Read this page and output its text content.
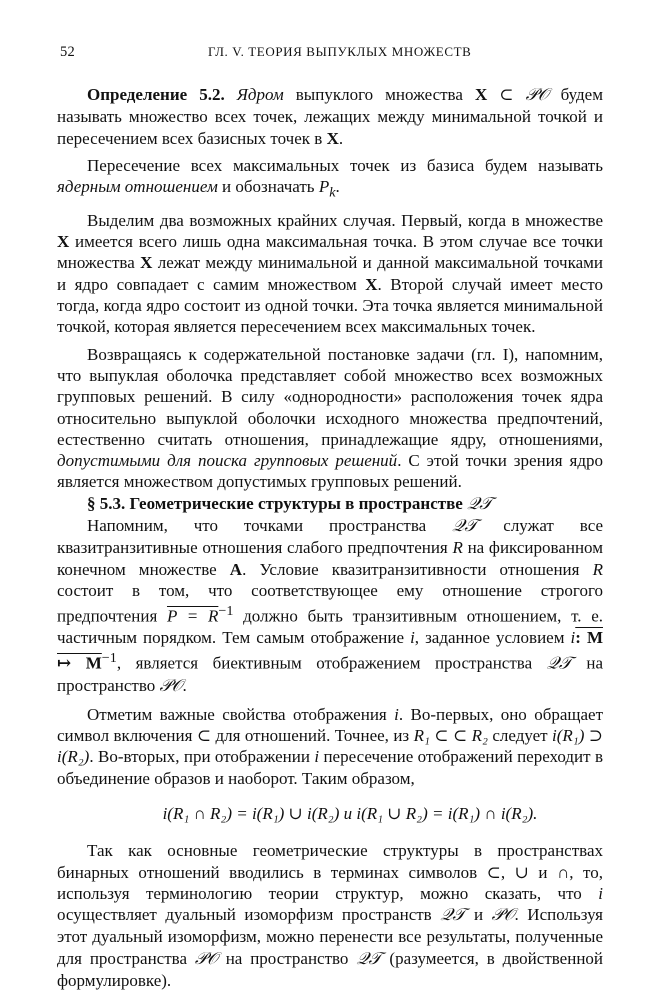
52	ГЛ. V. ТЕОРИЯ ВЫПУКЛЫХ МНОЖЕСТВ

Определение 5.2. Ядром выпуклого множества X ⊂ 𝒫𝒪 будем называть множество всех точек, лежащих между минимальной точкой и пересечением всех базисных точек в X.

Пересечение всех максимальных точек из базиса будем называть ядерным отношением и обозначать $P_k$.

Выделим два возможных крайних случая. Первый, когда в множестве X имеется всего лишь одна максимальная точка. В этом случае все точки множества X лежат между минимальной и данной максимальной точками и ядро совпадает с самим множеством X. Второй случай имеет место тогда, когда ядро состоит из одной точки. Эта точка является минимальной точкой, которая является пересечением всех максимальных точек.

Возвращаясь к содержательной постановке задачи (гл. I), напомним, что выпуклая оболочка представляет собой множество всех возможных групповых решений. В силу «однородности» расположения точек ядра относительно выпуклой оболочки исходного множества предпочтений, естественно считать отношения, принадлежащие ядру, отношениями, допустимыми для поиска групповых решений. С этой точки зрения ядро является множеством допустимых групповых решений.

§ 5.3. Геометрические структуры в пространстве 𝒬𝒯

Напомним, что точками пространства 𝒬𝒯 служат все квазитранзитивные отношения слабого предпочтения R на фиксированном конечном множестве A. Условие квазитранзитивности отношения R состоит в том, что соответствующее ему отношение строгого предпочтения $P = R^{-1}$ должно быть транзитивным отношением, т. е. частичным порядком. Тем самым отображение i, заданное условием i: M ↦ $M^{-1}$, является биективным отображением пространства 𝒬𝒯 на пространство 𝒫𝒪.

Отметим важные свойства отображения i. Во-первых, оно обращает символ включения ⊂ для отношений. Точнее, из R₁ ⊂ ⊂ R₂ следует i(R₁) ⊃ i(R₂). Во-вторых, при отображении i пересечение отображений переходит в объединение образов и наоборот. Таким образом,

i(R₁ ∩ R₂) = i(R₁) ∪ i(R₂) и i(R₁ ∪ R₂) = i(R₁) ∩ i(R₂).

Так как основные геометрические структуры в пространствах бинарных отношений вводились в терминах символов ⊂, ∪ и ∩, то, используя терминологию теории структур, можно сказать, что i осуществляет дуальный изоморфизм пространств 𝒬𝒯 и 𝒫𝒪. Используя этот дуальный изоморфизм, можно перенести все результаты, полученные для пространства 𝒫𝒪 на пространство 𝒬𝒯 (разумеется, в двойственной формулировке).
